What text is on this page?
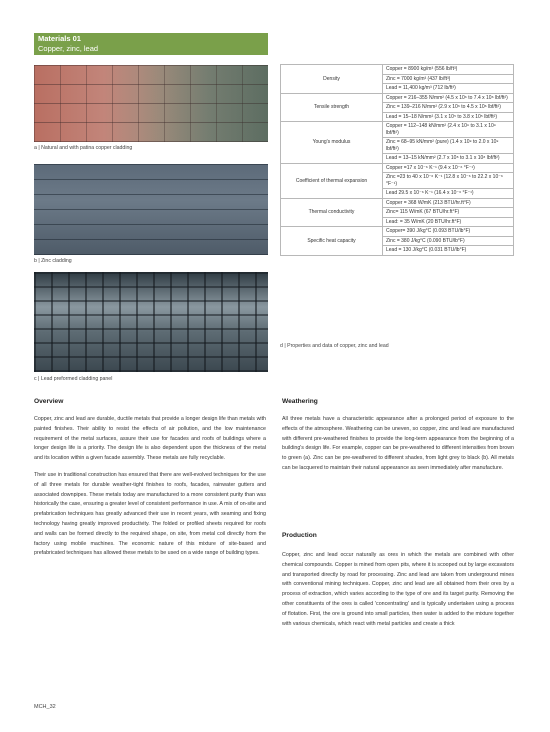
Materials 01
Copper, zinc, lead
a | Natural and with patina copper cladding
b | Zinc cladding
c | Lead preformed cladding panel
Density	Copper = 8900 kg/m³ (556 lb/ft³)
	Zinc = 7000 kg/m³ (437 lb/ft³)
	Lead = 11,400 kg/m³ (712 lb/ft³)
Tensile strength	Copper = 216–355 N/mm² (4.5 x 10⁶ to 7.4 x 10⁶ lbf/ft²)
	Zinc = 139–216 N/mm² (2.9 x 10⁶ to 4.5 x 10⁶ lbf/ft²)
	Lead = 15–18 N/mm² (3.1 x 10⁵ to 3.8 x 10⁵ lbf/ft²)
Young's modulus	Copper = 112–148 kN/mm² (2.4 x 10⁹ to 3.1 x 10⁹ lbf/ft²)
	Zinc = 68–95 kN/mm² (pure) (1.4 x 10⁹ to 2.0 x 10⁹ lbf/ft²)
	Lead = 13–15 kN/mm² (2.7 x 10⁸ to 3.1 x 10⁸ lbf/ft²)
Coefficient of thermal expansion	Copper =17 x 10⁻⁶ K⁻¹ (9.4 x 10⁻⁶ °F⁻¹)
	Zinc =23 to 40 x 10⁻⁶ K⁻¹ (12.8 x 10⁻⁶ to 22.2 x 10⁻⁶ °F⁻¹)
	Lead 29.5 x 10⁻⁶ K⁻¹ (16.4 x 10⁻⁶ °F⁻¹)
Thermal conductivity	Copper = 368 W/mK (213 BTU/hr.ft°F)
	Zinc= 115 W/mK (67 BTU/hr.ft°F)
	Lead: = 35 W/mK (20 BTU/hr.ft°F)
Specific heat capacity	Copper= 390 J/kg°C (0.093 BTU/lb°F)
	Zinc = 380 J/kg°C (0.090 BTU/lb°F)
	Lead = 130 J/kg°C (0.031 BTU/lb°F)
d | Properties and data of copper, zinc and lead
Overview

Copper, zinc and lead are durable, ductile metals that provide a longer design life than metals with painted finishes. Their ability to resist the effects of air pollution, and the low maintenance requirement of the metal surfaces, assure their use for facades and roofs of buildings where a longer design life is a priority. The design life is also dependent upon the thickness of the metal and its location within a given facade assembly. These metals are fully recyclable.

Their use in traditional construction has ensured that there are well-evolved techniques for the use of all three metals for durable weather-tight finishes to roofs, facades, rainwater gutters and associated downpipes. These metals today are manufactured to a more consistent purity than was historically the case, ensuring a greater level of consistent performance in use. A mix of on-site and prefabrication techniques has greatly advanced their use in recent years, with seaming and fixing technology having greatly improved productivity. The folded or profiled sheets required for roofs and walls can be formed directly to the required shape, on site, from metal coil directly from the factory using mobile machines. The economic nature of this mixture of site-based and prefabricated techniques has allowed these metals to be used on a wide range of building types.

Weathering

All three metals have a characteristic appearance after a prolonged period of exposure to the effects of the atmosphere. Weathering can be uneven, so copper, zinc and lead are manufactured with different pre-weathered finishes to provide the long-term appearance from the beginning of a building's design life. For example, copper can be pre-weathered to different intensities from brown to green (a). Zinc can be pre-weathered to different shades, from light grey to black (b). All metals can be lacquered to maintain their natural appearance as seen immediately after manufacture.

Production

Copper, zinc and lead occur naturally as ores in which the metals are combined with other chemical compounds. Copper is mined from open pits, where it is scooped out by large excavators and transported directly by road for processing. Zinc and lead are taken from underground mines with conventional mining techniques. Copper, zinc and lead are all obtained from their ores by a process of extraction, which varies according to the type of ore and its target purity. Removing the other constituents of the ores is called 'concentrating' and is typically undertaken using a process of flotation. First, the ore is ground into small particles, then water is added to the mixture together with various chemicals, which react with metal particles and create a thick

MCH_32
